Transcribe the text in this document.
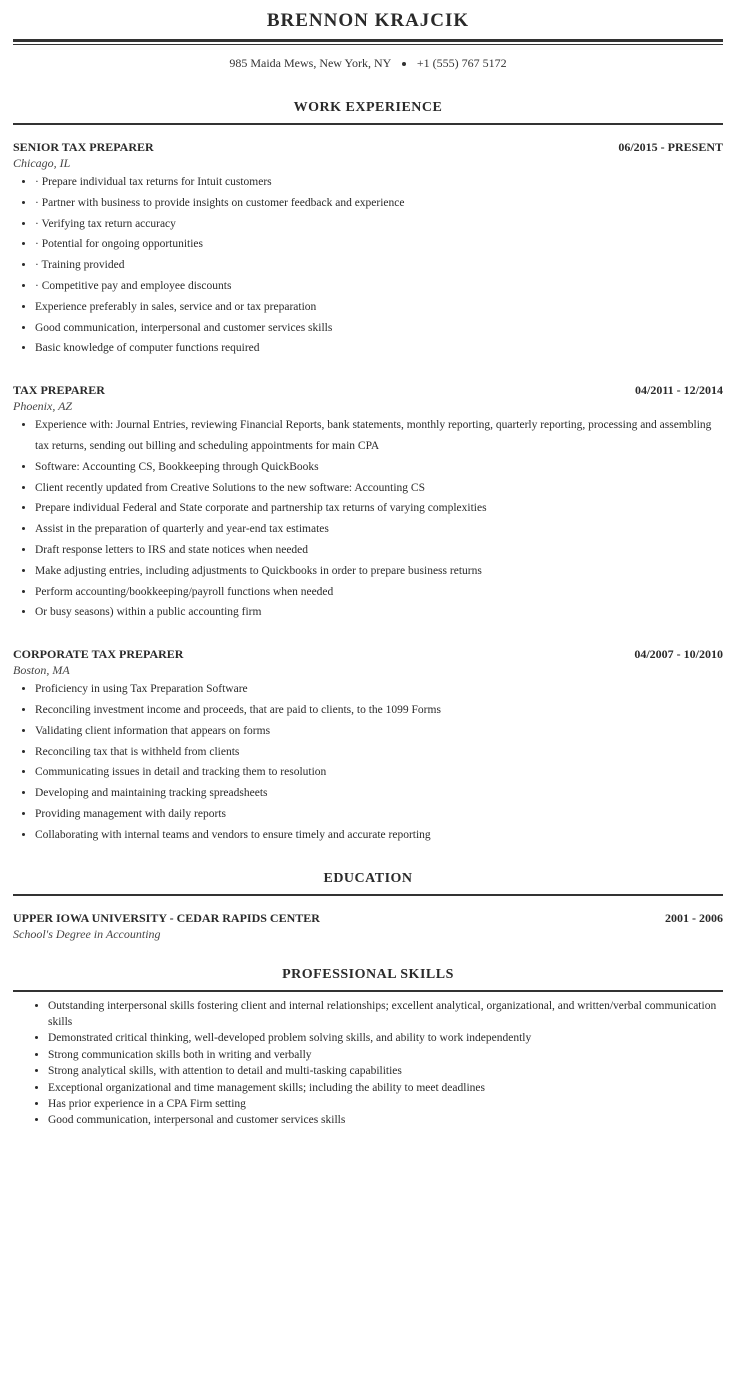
BRENNON KRAJCIK
985 Maida Mews, New York, NY +1 (555) 767 5172
WORK EXPERIENCE
SENIOR TAX PREPARER	06/2015 - PRESENT
Chicago, IL
• · Prepare individual tax returns for Intuit customers
• · Partner with business to provide insights on customer feedback and experience
• · Verifying tax return accuracy
• · Potential for ongoing opportunities
• · Training provided
• · Competitive pay and employee discounts
• Experience preferably in sales, service and or tax preparation
• Good communication, interpersonal and customer services skills
• Basic knowledge of computer functions required
TAX PREPARER	04/2011 - 12/2014
Phoenix, AZ
• Experience with: Journal Entries, reviewing Financial Reports, bank statements, monthly reporting, quarterly reporting, processing and assembling tax returns, sending out billing and scheduling appointments for main CPA
• Software: Accounting CS, Bookkeeping through QuickBooks
• Client recently updated from Creative Solutions to the new software: Accounting CS
• Prepare individual Federal and State corporate and partnership tax returns of varying complexities
• Assist in the preparation of quarterly and year-end tax estimates
• Draft response letters to IRS and state notices when needed
• Make adjusting entries, including adjustments to Quickbooks in order to prepare business returns
• Perform accounting/bookkeeping/payroll functions when needed
• Or busy seasons) within a public accounting firm
CORPORATE TAX PREPARER	04/2007 - 10/2010
Boston, MA
• Proficiency in using Tax Preparation Software
• Reconciling investment income and proceeds, that are paid to clients, to the 1099 Forms
• Validating client information that appears on forms
• Reconciling tax that is withheld from clients
• Communicating issues in detail and tracking them to resolution
• Developing and maintaining tracking spreadsheets
• Providing management with daily reports
• Collaborating with internal teams and vendors to ensure timely and accurate reporting
EDUCATION
UPPER IOWA UNIVERSITY - CEDAR RAPIDS CENTER	2001 - 2006
School's Degree in Accounting
PROFESSIONAL SKILLS
• Outstanding interpersonal skills fostering client and internal relationships; excellent analytical, organizational, and written/verbal communication skills
• Demonstrated critical thinking, well-developed problem solving skills, and ability to work independently
• Strong communication skills both in writing and verbally
• Strong analytical skills, with attention to detail and multi-tasking capabilities
• Exceptional organizational and time management skills; including the ability to meet deadlines
• Has prior experience in a CPA Firm setting
• Good communication, interpersonal and customer services skills
